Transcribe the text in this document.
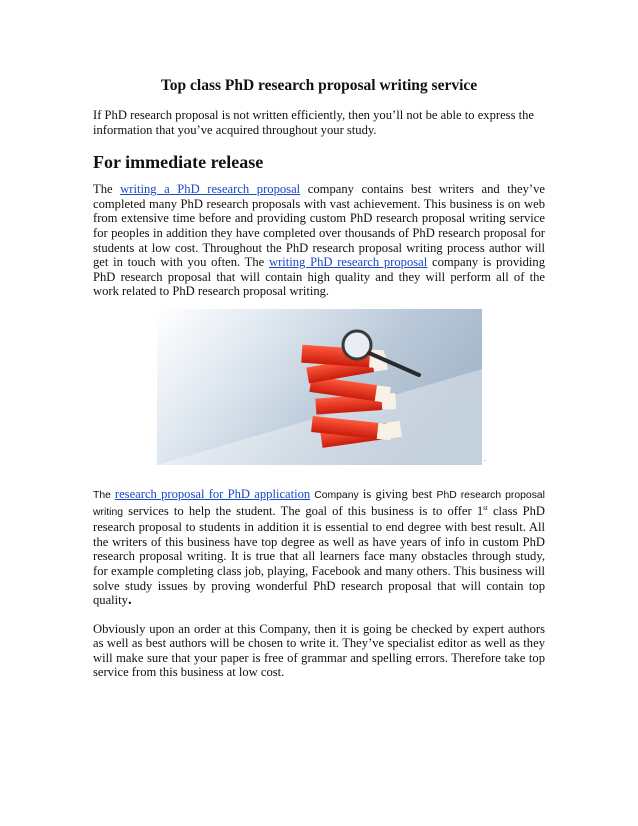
Top class PhD research proposal writing service

If PhD research proposal is not written efficiently, then you’ll not be able to express the information that you’ve acquired throughout your study.

For immediate release

The writing a PhD research proposal company contains best writers and they’ve completed many PhD research proposals with vast achievement. This business is on web from extensive time before and providing custom PhD research proposal writing service for peoples in addition they have completed over thousands of PhD research proposal for students at low cost. Throughout the PhD research proposal writing process author will get in touch with you often. The writing PhD research proposal company is providing PhD research proposal that will contain high quality and they will perform all of the work related to PhD research proposal writing.

.

The research proposal for PhD application Company is giving best PhD research proposal writing services to help the student. The goal of this business is to offer 1st class PhD research proposal to students in addition it is essential to end degree with best result. All the writers of this business have top degree as well as have years of info in custom PhD research proposal writing. It is true that all learners face many obstacles through study, for example completing class job, playing, Facebook and many others. This business will solve study issues by proving wonderful PhD research proposal that will contain top quality.

Obviously upon an order at this Company, then it is going be checked by expert authors as well as best authors will be chosen to write it. They’ve specialist editor as well as they will make sure that your paper is free of grammar and spelling errors. Therefore take top service from this business at low cost.
